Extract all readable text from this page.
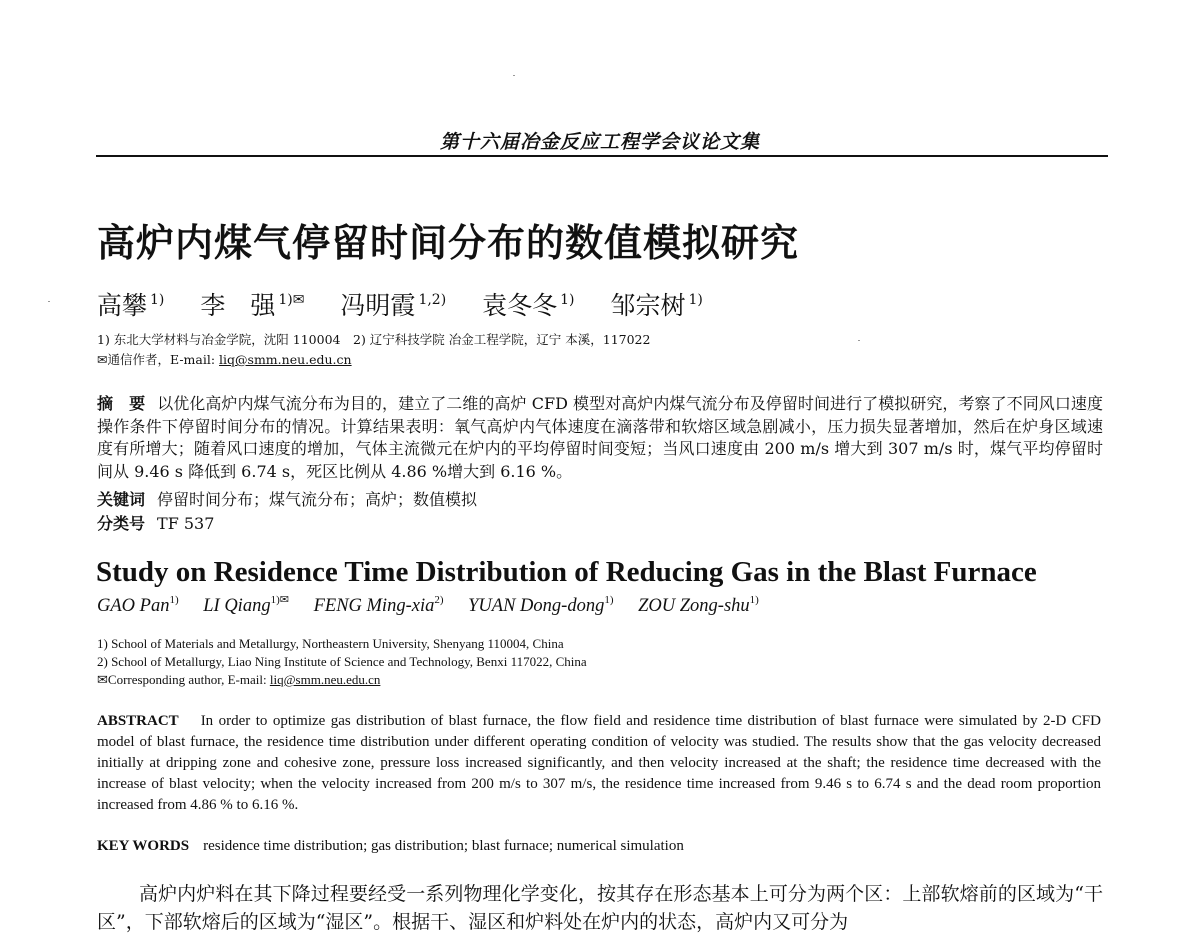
第十六届冶金反应工程学会议论文集
高炉内煤气停留时间分布的数值模拟研究
高攀 $^{1)}$ 李　强 $^{1)✉}$ 冯明霞 $^{1,2)}$ 袁冬冬 $^{1)}$ 邹宗树 $^{1)}$
1) 东北大学材料与冶金学院，沈阳 110004　2) 辽宁科技学院 冶金工程学院，辽宁 本溪，117022
✉通信作者，E-mail: liq@smm.neu.edu.cn
摘　要 以优化高炉内煤气流分布为目的，建立了二维的高炉 CFD 模型对高炉内煤气流分布及停留时间进行了模拟研究，考察了不同风口速度操作条件下停留时间分布的情况。计算结果表明：氧气高炉内气体速度在滴落带和软熔区域急剧减小，压力损失显著增加，然后在炉身区域速度有所增大；随着风口速度的增加，气体主流微元在炉内的平均停留时间变短；当风口速度由 200 m/s 增大到 307 m/s 时，煤气平均停留时间从 9.46 s 降低到 6.74 s，死区比例从 4.86 %增大到 6.16 %。
关键词 停留时间分布；煤气流分布；高炉；数值模拟
分类号 TF 537
Study on Residence Time Distribution of Reducing Gas in the Blast Furnace
GAO Pan$^{1)}$ LI Qiang$^{1)✉}$ FENG Ming-xia$^{2)}$ YUAN Dong-dong$^{1)}$ ZOU Zong-shu$^{1)}$
1) School of Materials and Metallurgy, Northeastern University, Shenyang 110004, China
2) School of Metallurgy, Liao Ning Institute of Science and Technology, Benxi 117022, China
✉Corresponding author, E-mail: liq@smm.neu.edu.cn
ABSTRACT In order to optimize gas distribution of blast furnace, the flow field and residence time distribution of blast furnace were simulated by 2-D CFD model of blast furnace, the residence time distribution under different operating condition of velocity was studied. The results show that the gas velocity decreased initially at dripping zone and cohesive zone, pressure loss increased significantly, and then velocity increased at the shaft; the residence time decreased with the increase of blast velocity; when the velocity increased from 200 m/s to 307 m/s, the residence time increased from 9.46 s to 6.74 s and the dead room proportion increased from 4.86 % to 6.16 %.
KEY WORDS residence time distribution; gas distribution; blast furnace; numerical simulation
高炉内炉料在其下降过程要经受一系列物理化学变化，按其存在形态基本上可分为两个区：上部软熔前的区域为“干区”，下部软熔后的区域为“湿区”。根据干、湿区和炉料处在炉内的状态，高炉内又可分为
